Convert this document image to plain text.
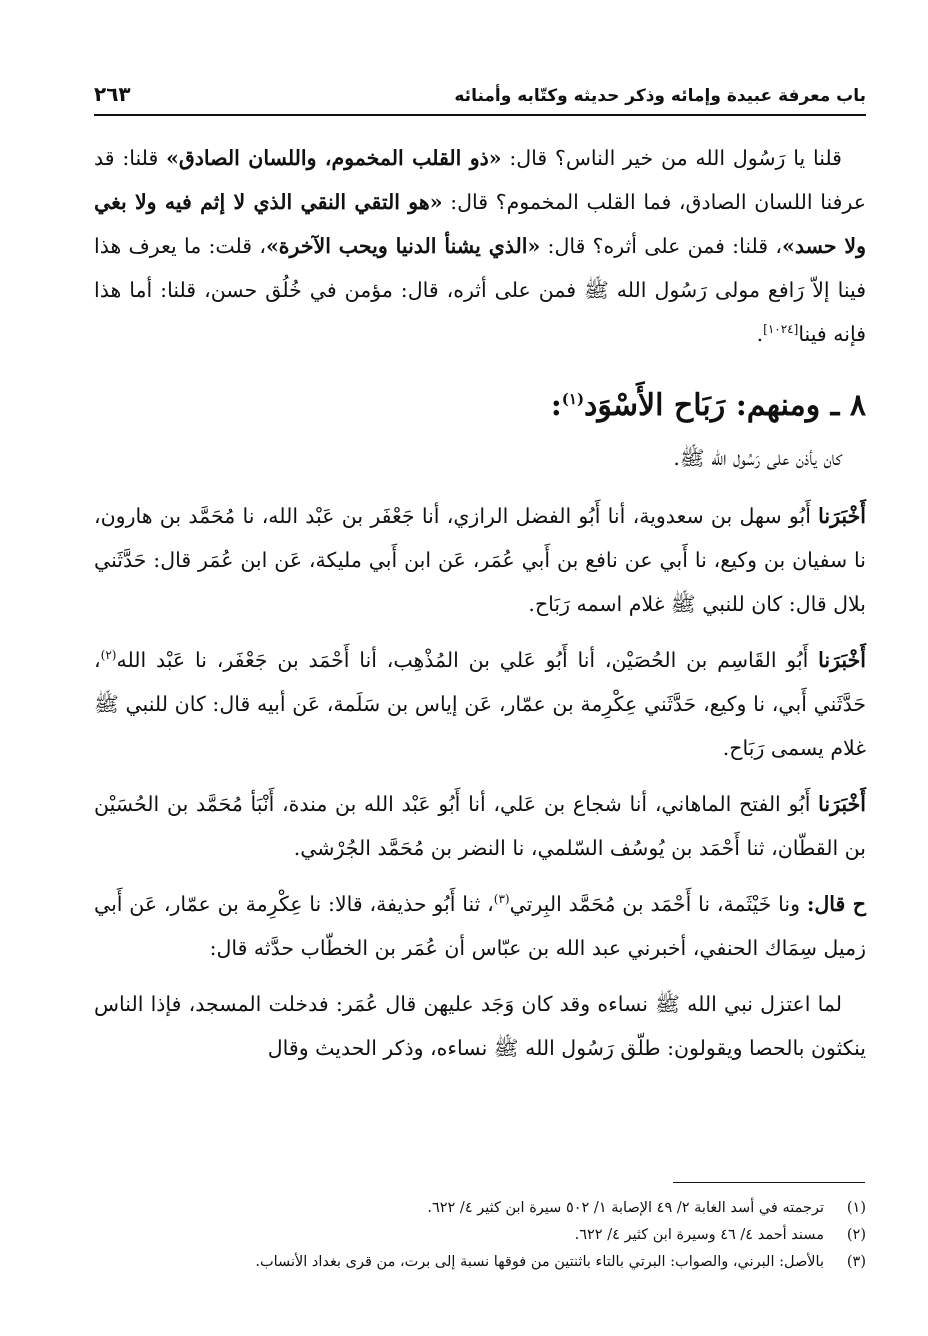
باب معرفة عبيدة وإمائه وذكر حديثه وكتّابه وأمنائه
٢٦٣

قلنا يا رَسُول الله من خير الناس؟ قال: «ذو القلب المخموم، واللسان الصادق» قلنا: قد عرفنا اللسان الصادق، فما القلب المخموم؟ قال: «هو التقي النقي الذي لا إثم فيه ولا بغي ولا حسد»، قلنا: فمن على أثره؟ قال: «الذي يشنأ الدنيا ويحب الآخرة»، قلت: ما يعرف هذا فينا إلاّ رَافع مولى رَسُول الله ﷺ فمن على أثره، قال: مؤمن في خُلُق حسن، قلنا: أما هذا فإنه فينا[١٠٢٤].

٨ ـ ومنهم: رَبَاح الأَسْوَد$^{(١)}$:

كان يأذن على رَسُول الله ﷺ.

أَخْبَرَنا أَبُو سهل بن سعدوية، أنا أَبُو الفضل الرازي، أنا جَعْفَر بن عَبْد الله، نا مُحَمَّد بن هارون، نا سفيان بن وكيع، نا أَبي عن نافع بن أَبي عُمَر، عَن ابن أَبي مليكة، عَن ابن عُمَر قال: حَدَّثَني بلال قال: كان للنبي ﷺ غلام اسمه رَبَاح.

أَخْبَرَنا أَبُو القَاسِم بن الحُصَيْن، أنا أَبُو عَلي بن المُذْهِب، أنا أَحْمَد بن جَعْفَر، نا عَبْد الله$^{(٢)}$، حَدَّثَني أَبي، نا وكيع، حَدَّثَني عِكْرِمة بن عمّار، عَن إياس بن سَلَمة، عَن أبيه قال: كان للنبي ﷺ غلام يسمى رَبَاح.

أَخْبَرَنا أَبُو الفتح الماهاني، أنا شجاع بن عَلي، أنا أَبُو عَبْد الله بن مندة، أَنْبَأ مُحَمَّد بن الحُسَيْن بن القطّان، ثنا أَحْمَد بن يُوسُف السّلمي، نا النضر بن مُحَمَّد الجُرْشي.

ح قال: ونا خَيْثَمة، نا أَحْمَد بن مُحَمَّد البِرتي$^{(٣)}$، ثنا أَبُو حذيفة، قالا: نا عِكْرِمة بن عمّار، عَن أَبي زميل سِمَاك الحنفي، أخبرني عبد الله بن عبّاس أن عُمَر بن الخطّاب حدَّثه قال:

لما اعتزل نبي الله ﷺ نساءه وقد كان وَجَد عليهن قال عُمَر: فدخلت المسجد، فإذا الناس ينكثون بالحصا ويقولون: طلّق رَسُول الله ﷺ نساءه، وذكر الحديث وقال

(١)
ترجمته في أسد الغابة ٢/ ٤٩ الإصابة ١/ ٥٠٢ سيرة ابن كثير ٤/ ٦٢٢.
(٢)
مسند أحمد ٤/ ٤٦ وسيرة ابن كثير ٤/ ٦٢٢.
(٣)
بالأصل: البرني، والصواب: البرتي بالتاء باثنتين من فوقها نسبة إلى برت، من قرى بغداد الأنساب.
